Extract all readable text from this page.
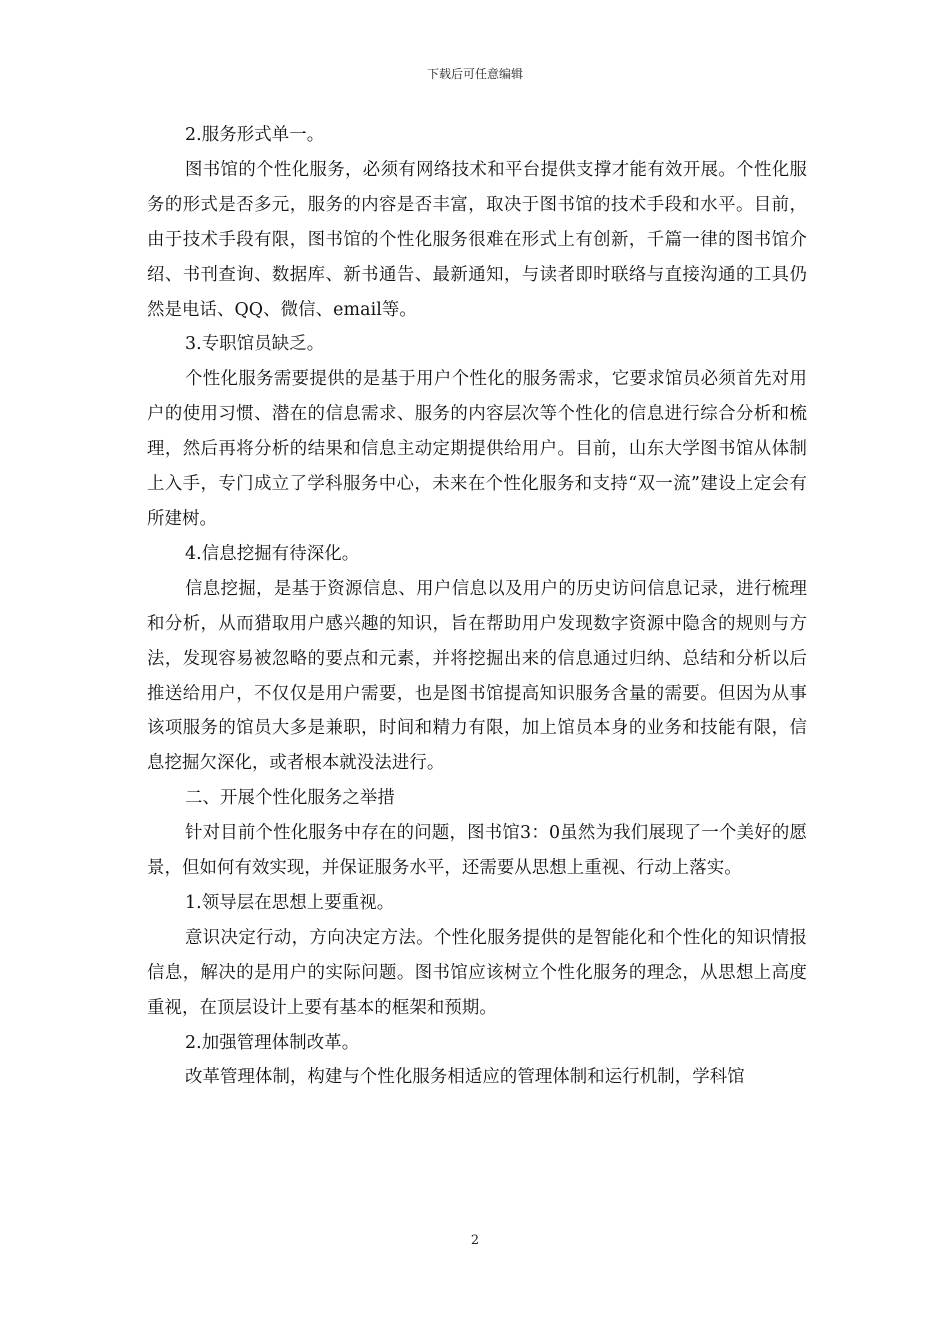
下载后可任意编辑

2.服务形式单一。

图书馆的个性化服务，必须有网络技术和平台提供支撑才能有效开展。个性化服务的形式是否多元，服务的内容是否丰富，取决于图书馆的技术手段和水平。目前，由于技术手段有限，图书馆的个性化服务很难在形式上有创新，千篇一律的图书馆介绍、书刊查询、数据库、新书通告、最新通知，与读者即时联络与直接沟通的工具仍然是电话、QQ、微信、email等。

3.专职馆员缺乏。

个性化服务需要提供的是基于用户个性化的服务需求，它要求馆员必须首先对用户的使用习惯、潜在的信息需求、服务的内容层次等个性化的信息进行综合分析和梳理，然后再将分析的结果和信息主动定期提供给用户。目前，山东大学图书馆从体制上入手，专门成立了学科服务中心，未来在个性化服务和支持“双一流”建设上定会有所建树。

4.信息挖掘有待深化。

信息挖掘，是基于资源信息、用户信息以及用户的历史访问信息记录，进行梳理和分析，从而猎取用户感兴趣的知识，旨在帮助用户发现数字资源中隐含的规则与方法，发现容易被忽略的要点和元素，并将挖掘出来的信息通过归纳、总结和分析以后推送给用户，不仅仅是用户需要，也是图书馆提高知识服务含量的需要。但因为从事该项服务的馆员大多是兼职，时间和精力有限，加上馆员本身的业务和技能有限，信息挖掘欠深化，或者根本就没法进行。

二、开展个性化服务之举措

针对目前个性化服务中存在的问题，图书馆3：0虽然为我们展现了一个美好的愿景，但如何有效实现，并保证服务水平，还需要从思想上重视、行动上落实。

1.领导层在思想上要重视。

意识决定行动，方向决定方法。个性化服务提供的是智能化和个性化的知识情报信息，解决的是用户的实际问题。图书馆应该树立个性化服务的理念，从思想上高度重视，在顶层设计上要有基本的框架和预期。

2.加强管理体制改革。

改革管理体制，构建与个性化服务相适应的管理体制和运行机制，学科馆

2
